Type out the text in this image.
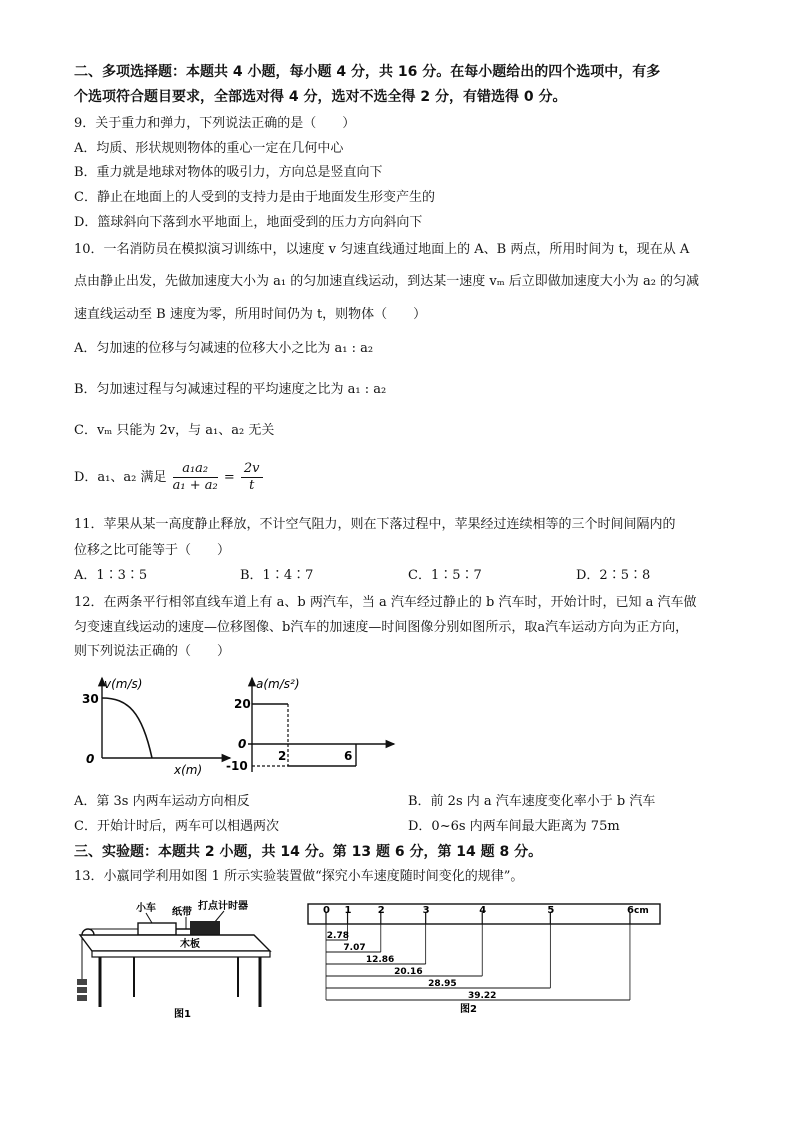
二、多项选择题：本题共 4 小题，每小题 4 分，共 16 分。在每小题给出的四个选项中，有多
个选项符合题目要求，全部选对得 4 分，选对不选全得 2 分，有错选得 0 分。
9．关于重力和弹力，下列说法正确的是（　　）
A．均质、形状规则物体的重心一定在几何中心
B．重力就是地球对物体的吸引力，方向总是竖直向下
C．静止在地面上的人受到的支持力是由于地面发生形变产生的
D．篮球斜向下落到水平地面上，地面受到的压力方向斜向下
10．一名消防员在模拟演习训练中，以速度 v 匀速直线通过地面上的 A、B 两点，所用时间为 t，现在从 A
点由静止出发，先做加速度大小为 a₁ 的匀加速直线运动，到达某一速度 vₘ 后立即做加速度大小为 a₂ 的匀减
速直线运动至 B 速度为零，所用时间仍为 t，则物体（　　）
A．匀加速的位移与匀减速的位移大小之比为 a₁ : a₂
B．匀加速过程与匀减速过程的平均速度之比为 a₁ : a₂
C．vₘ 只能为 2v，与 a₁、a₂ 无关
D．a₁、a₂ 满足 $\frac{\text{a₁a₂}}{\text{a₁ + a₂}} = \frac{2v}{t}$
11．苹果从某一高度静止释放，不计空气阻力，则在下落过程中，苹果经过连续相等的三个时间间隔内的
位移之比可能等于（　　）
A．1∶3∶5	B．1∶4∶7	C．1∶5∶7	D．2∶5∶8
12．在两条平行相邻直线车道上有 a、b 两汽车，当 a 汽车经过静止的 b 汽车时，开始计时，已知 a 汽车做
匀变速直线运动的速度—位移图像、b汽车的加速度—时间图像分别如图所示，取a汽车运动方向为正方向，
则下列说法正确的（　　）
v(m/s)
30
0
x(m)
a(m/s²)
20
0
-10
2	6
A．第 3s 内两车运动方向相反	B．前 2s 内 a 汽车速度变化率小于 b 汽车
C．开始计时后，两车可以相遇两次	D．0~6s 内两车间最大距离为 75m
三、实验题：本题共 2 小题，共 14 分。第 13 题 6 分，第 14 题 8 分。
13．小嬴同学利用如图 1 所示实验装置做“探究小车速度随时间变化的规律”。
小车 纸带
打点计时器
木板
图1
cm
0 1	2	3	4	5	6
2.78
7.07
12.86
20.16
28.95
39.22
图2
